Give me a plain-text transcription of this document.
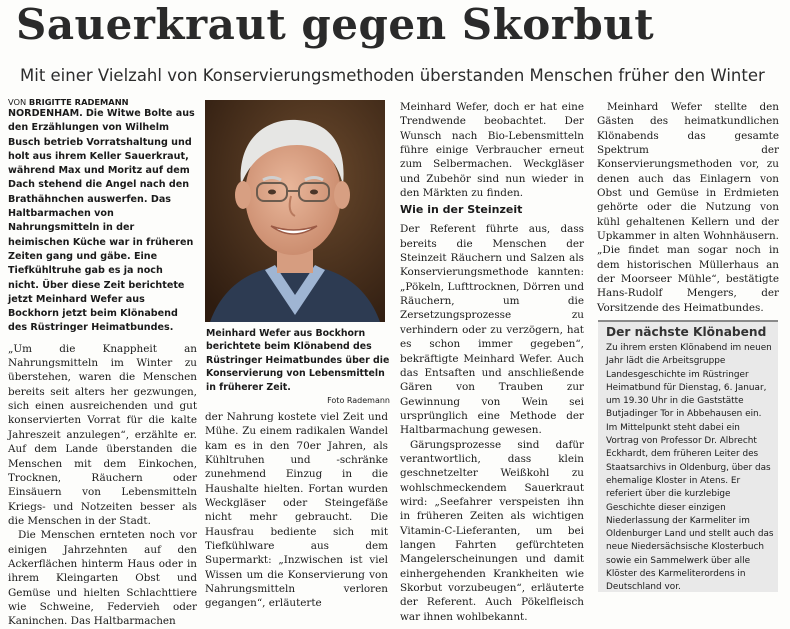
Sauerkraut gegen Skorbut
Mit einer Vielzahl von Konservierungsmethoden überstanden Menschen früher den Winter
VON BRIGITTE RADEMANN

NORDENHAM. Die Witwe Bolte aus den Erzählungen von Wilhelm Busch betrieb Vorratshaltung und holt aus ihrem Keller Sauerkraut, während Max und Moritz auf dem Dach stehend die Angel nach den Brathähnchen auswerfen. Das Haltbarmachen von Nahrungsmitteln in der heimischen Küche war in früheren Zeiten gang und gäbe. Eine Tiefkühltruhe gab es ja noch nicht. Über diese Zeit berichtete jetzt Meinhard Wefer aus Bockhorn jetzt beim Klönabend des Rüstringer Heimatbundes.

„Um die Knappheit an Nahrungsmitteln im Winter zu überstehen, waren die Menschen bereits seit alters her gezwungen, sich einen ausreichenden und gut konservierten Vorrat für die kalte Jahreszeit anzulegen“, erzählte er. Auf dem Lande überstanden die Menschen mit dem Einkochen, Trocknen, Räuchern oder Einsäuern von Lebensmitteln Kriegs- und Notzeiten besser als die Menschen in der Stadt.

Die Menschen ernteten noch vor einigen Jahrzehnten auf den Ackerflächen hinterm Haus oder in ihrem Kleingarten Obst und Gemüse und hielten Schlachttiere wie Schweine, Federvieh oder Kaninchen. Das Haltbarmachen

Meinhard Wefer aus Bockhorn berichtete beim Klönabend des Rüstringer Heimatbundes über die Konservierung von Lebensmitteln in früherer Zeit. Foto Rademann

der Nahrung kostete viel Zeit und Mühe. Zu einem radikalen Wandel kam es in den 70er Jahren, als Kühltruhen und -schränke zunehmend Einzug in die Haushalte hielten. Fortan wurden Weckgläser oder Steingefäße nicht mehr gebraucht. Die Hausfrau bediente sich mit Tiefkühlware aus dem Supermarkt: „Inzwischen ist viel Wissen um die Konservierung von Nahrungsmitteln verloren gegangen“, erläuterte

Meinhard Wefer, doch er hat eine Trendwende beobachtet. Der Wunsch nach Bio-Lebensmitteln führe einige Verbraucher erneut zum Selbermachen. Weckgläser und Zubehör sind nun wieder in den Märkten zu finden.

Wie in der Steinzeit

Der Referent führte aus, dass bereits die Menschen der Steinzeit Räuchern und Salzen als Konservierungsmethode kannten: „Pökeln, Lufttrocknen, Dörren und Räuchern, um die Zersetzungsprozesse zu verhindern oder zu verzögern, hat es schon immer gegeben“, bekräftigte Meinhard Wefer. Auch das Entsaften und anschließende Gären von Trauben zur Gewinnung von Wein sei ursprünglich eine Methode der Haltbarmachung gewesen.

Gärungsprozesse sind dafür verantwortlich, dass klein geschnetzelter Weißkohl zu wohlschmeckendem Sauerkraut wird: „Seefahrer verspeisten ihn in früheren Zeiten als wichtigen Vitamin-C-Lieferanten, um bei langen Fahrten gefürchteten Mangelerscheinungen und damit einhergehenden Krankheiten wie Skorbut vorzubeugen“, erläuterte der Referent. Auch Pökelfleisch war ihnen wohlbekannt.

Meinhard Wefer stellte den Gästen des heimatkundlichen Klönabends das gesamte Spektrum der Konservierungsmethoden vor, zu denen auch das Einlagern von Obst und Gemüse in Erdmieten gehörte oder die Nutzung von kühl gehaltenen Kellern und der Upkammer in alten Wohnhäusern. „Die findet man sogar noch in dem historischen Müllerhaus an der Moorseer Mühle“, bestätigte Hans-Rudolf Mengers, der Vorsitzende des Heimatbundes.

Der nächste Klönabend

Zu ihrem ersten Klönabend im neuen Jahr lädt die Arbeitsgruppe Landesgeschichte im Rüstringer Heimatbund für Dienstag, 6. Januar, um 19.30 Uhr in die Gaststätte Butjadinger Tor in Abbehausen ein. Im Mittelpunkt steht dabei ein Vortrag von Professor Dr. Albrecht Eckhardt, dem früheren Leiter des Staatsarchivs in Oldenburg, über das ehemalige Kloster in Atens. Er referiert über die kurzlebige Geschichte dieser einzigen Niederlassung der Karmeliter im Oldenburger Land und stellt auch das neue Niedersächsische Klosterbuch sowie ein Sammelwerk über alle Klöster des Karmeliterordens in Deutschland vor.
